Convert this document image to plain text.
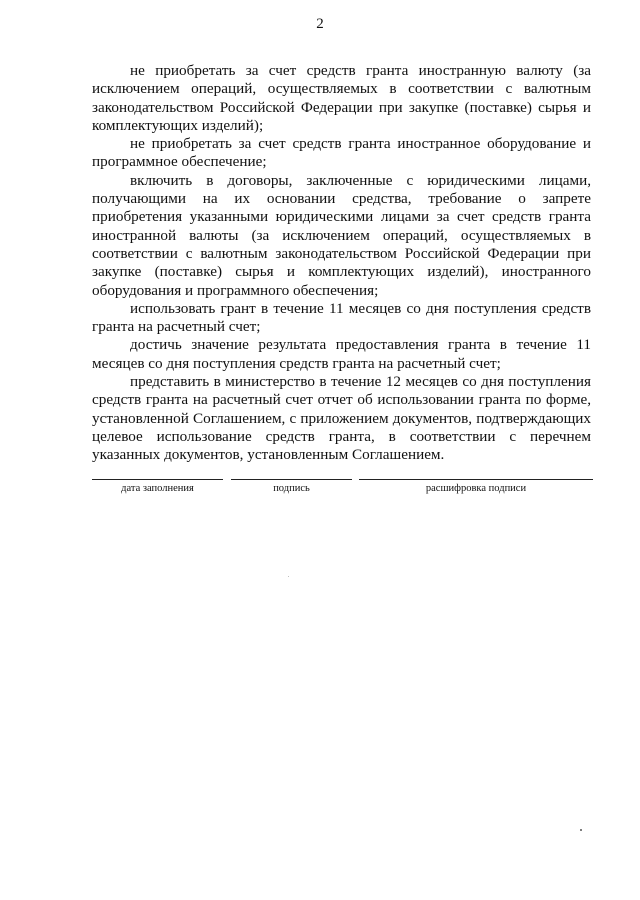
2

не приобретать за счет средств гранта иностранную валюту (за исключением операций, осуществляемых в соответствии с валютным законодательством Российской Федерации при закупке (поставке) сырья и комплектующих изделий);

не приобретать за счет средств гранта иностранное оборудование и программное обеспечение;

включить в договоры, заключенные с юридическими лицами, получающими на их основании средства, требование о запрете приобретения указанными юридическими лицами за счет средств гранта иностранной валюты (за исключением операций, осуществляемых в соответствии с валютным законодательством Российской Федерации при закупке (поставке) сырья и комплектующих изделий), иностранного оборудования и программного обеспечения;

использовать грант в течение 11 месяцев со дня поступления средств гранта на расчетный счет;

достичь значение результата предоставления гранта в течение 11 месяцев со дня поступления средств гранта на расчетный счет;

представить в министерство в течение 12 месяцев со дня поступления средств гранта на расчетный счет отчет об использовании гранта по форме, установленной Соглашением, с приложением документов, подтверждающих целевое использование средств гранта, в соответствии с перечнем указанных документов, установленным Соглашением.

дата заполнения	подпись	расшифровка подписи
